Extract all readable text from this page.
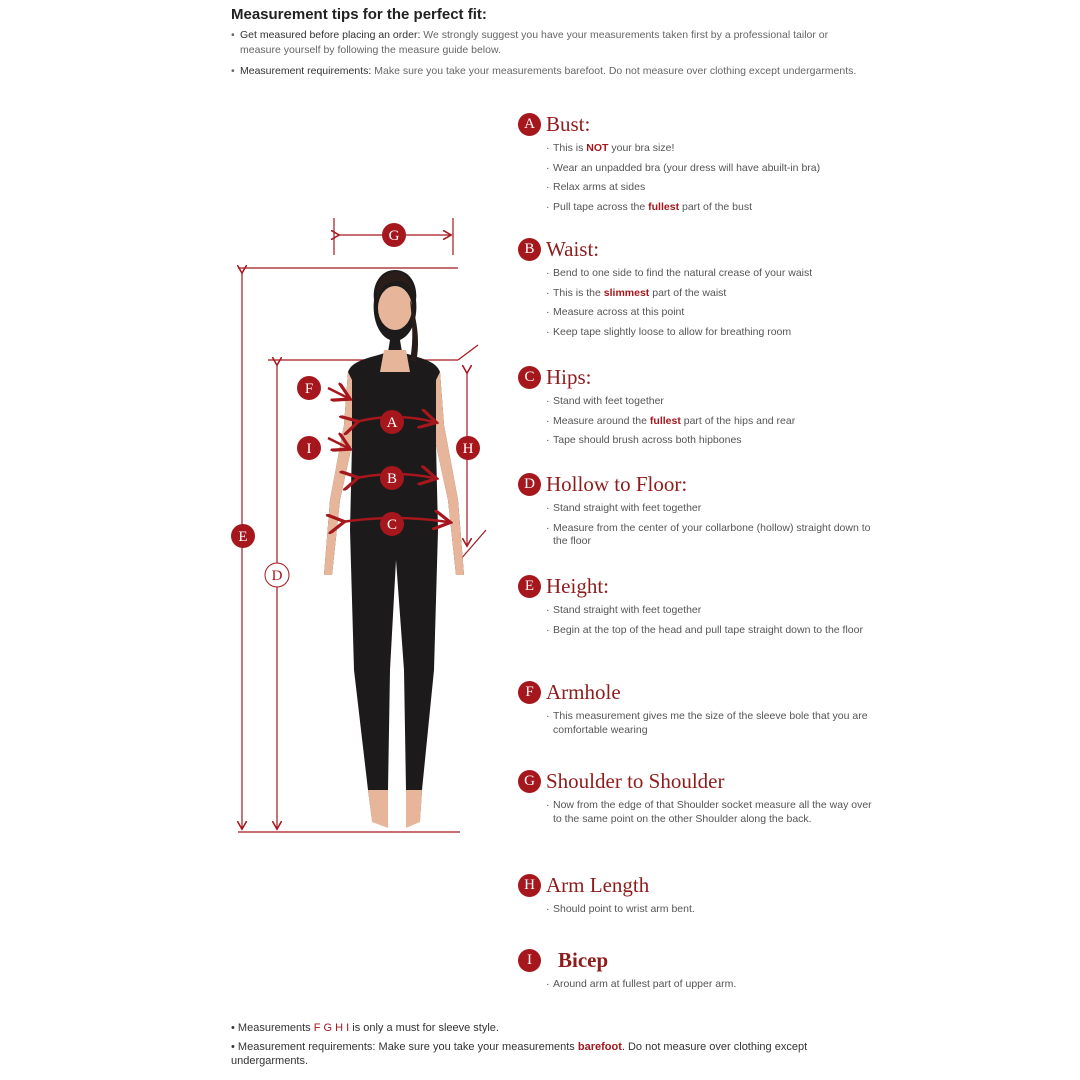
Measurement tips for the perfect fit:
• Get measured before placing an order: We strongly suggest you have your measurements taken first by a professional tailor or measure yourself by following the measure guide below.
• Measurement requirements: Make sure you take your measurements barefoot. Do not measure over clothing except undergarments.
G
F
A
I	H
B
C
E
D
A Bust:
· This is NOT your bra size!
· Wear an unpadded bra (your dress will have abuilt-in bra)
· Relax arms at sides
· Pull tape across the fullest part of the bust
B Waist:
· Bend to one side to find the natural crease of your waist
· This is the slimmest part of the waist
· Measure across at this point
· Keep tape slightly loose to allow for breathing room
C Hips:
· Stand with feet together
· Measure around the fullest part of the hips and rear
· Tape should brush across both hipbones
D Hollow to Floor:
· Stand straight with feet together
· Measure from the center of your collarbone (hollow) straight down to the floor
E Height:
· Stand straight with feet together
· Begin at the top of the head and pull tape straight down to the floor
F Armhole
· This measurement gives me the size of the sleeve bole that you are comfortable wearing
G Shoulder to Shoulder
· Now from the edge of that Shoulder socket measure all the way over to the same point on the other Shoulder along the back.
H Arm Length
· Should point to wrist arm bent.
I	Bicep
· Around arm at fullest part of upper arm.
• Measurements F G H I is only a must for sleeve style.
• Measurement requirements: Make sure you take your measurements barefoot. Do not measure over clothing except undergarments.
